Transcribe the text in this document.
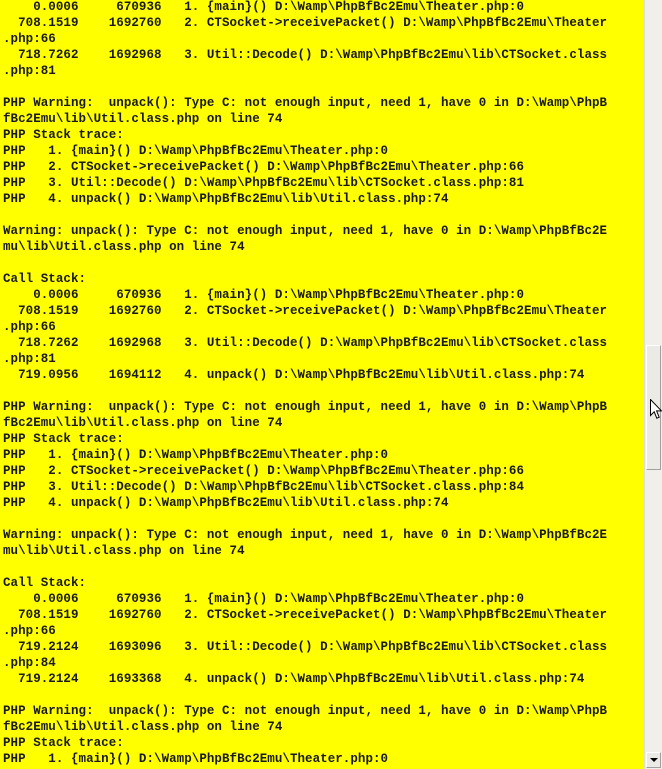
0.0006     670936   1. {main}() D:\Wamp\PhpBfBc2Emu\Theater.php:0
708.1519    1692760   2. CTSocket->receivePacket() D:\Wamp\PhpBfBc2Emu\Theater
.php:66
718.7262    1692968   3. Util::Decode() D:\Wamp\PhpBfBc2Emu\lib\CTSocket.class
.php:81
PHP Warning:  unpack(): Type C: not enough input, need 1, have 0 in D:\Wamp\PhpB
fBc2Emu\lib\Util.class.php on line 74
PHP Stack trace:
PHP   1. {main}() D:\Wamp\PhpBfBc2Emu\Theater.php:0
PHP   2. CTSocket->receivePacket() D:\Wamp\PhpBfBc2Emu\Theater.php:66
PHP   3. Util::Decode() D:\Wamp\PhpBfBc2Emu\lib\CTSocket.class.php:81
PHP   4. unpack() D:\Wamp\PhpBfBc2Emu\lib\Util.class.php:74
Warning: unpack(): Type C: not enough input, need 1, have 0 in D:\Wamp\PhpBfBc2E
mu\lib\Util.class.php on line 74
Call Stack:
0.0006     670936   1. {main}() D:\Wamp\PhpBfBc2Emu\Theater.php:0
708.1519    1692760   2. CTSocket->receivePacket() D:\Wamp\PhpBfBc2Emu\Theater
.php:66
718.7262    1692968   3. Util::Decode() D:\Wamp\PhpBfBc2Emu\lib\CTSocket.class
.php:81
719.0956    1694112   4. unpack() D:\Wamp\PhpBfBc2Emu\lib\Util.class.php:74
PHP Warning:  unpack(): Type C: not enough input, need 1, have 0 in D:\Wamp\PhpB
fBc2Emu\lib\Util.class.php on line 74
PHP Stack trace:
PHP   1. {main}() D:\Wamp\PhpBfBc2Emu\Theater.php:0
PHP   2. CTSocket->receivePacket() D:\Wamp\PhpBfBc2Emu\Theater.php:66
PHP   3. Util::Decode() D:\Wamp\PhpBfBc2Emu\lib\CTSocket.class.php:84
PHP   4. unpack() D:\Wamp\PhpBfBc2Emu\lib\Util.class.php:74
Warning: unpack(): Type C: not enough input, need 1, have 0 in D:\Wamp\PhpBfBc2E
mu\lib\Util.class.php on line 74
Call Stack:
0.0006     670936   1. {main}() D:\Wamp\PhpBfBc2Emu\Theater.php:0
708.1519    1692760   2. CTSocket->receivePacket() D:\Wamp\PhpBfBc2Emu\Theater
.php:66
719.2124    1693096   3. Util::Decode() D:\Wamp\PhpBfBc2Emu\lib\CTSocket.class
.php:84
719.2124    1693368   4. unpack() D:\Wamp\PhpBfBc2Emu\lib\Util.class.php:74
PHP Warning:  unpack(): Type C: not enough input, need 1, have 0 in D:\Wamp\PhpB
fBc2Emu\lib\Util.class.php on line 74
PHP Stack trace:
PHP   1. {main}() D:\Wamp\PhpBfBc2Emu\Theater.php:0
